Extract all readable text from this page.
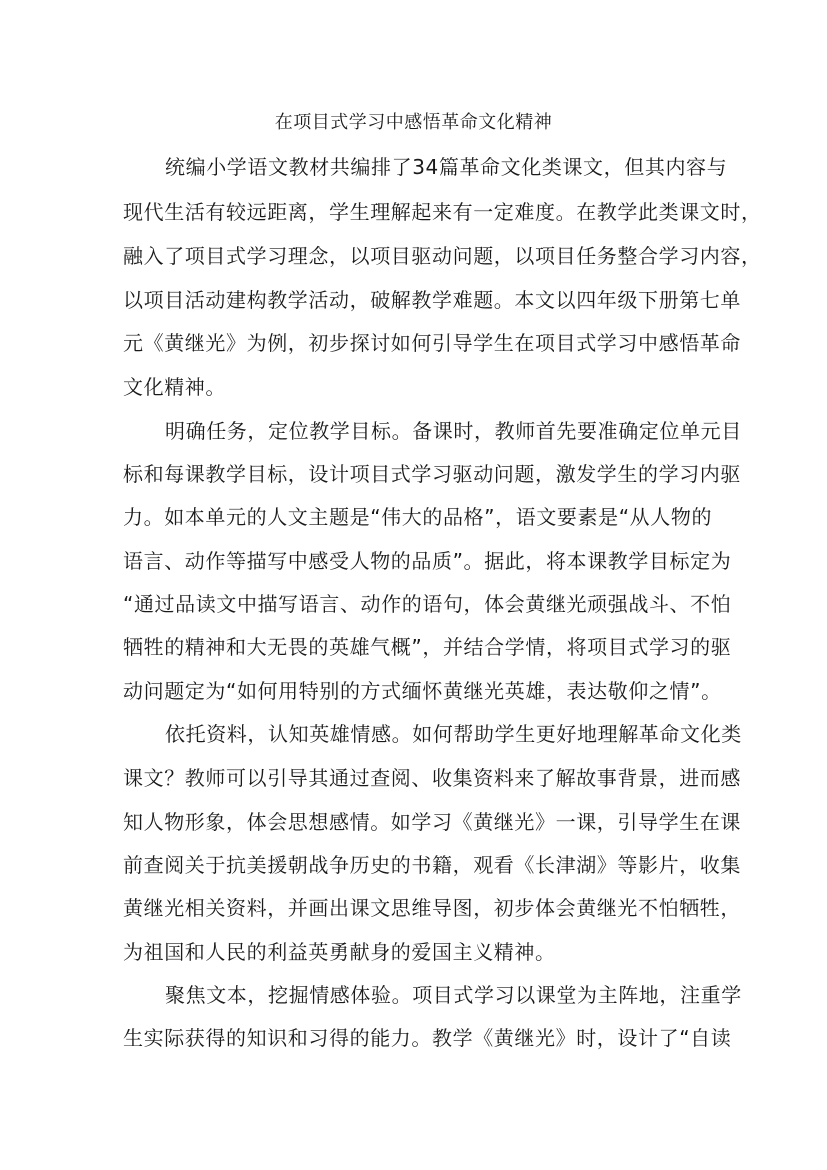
在项目式学习中感悟革命文化精神
统编小学语文教材共编排了34篇革命文化类课文，但其内容与
现代生活有较远距离，学生理解起来有一定难度。在教学此类课文时，
融入了项目式学习理念，以项目驱动问题，以项目任务整合学习内容，
以项目活动建构教学活动，破解教学难题。本文以四年级下册第七单
元《黄继光》为例，初步探讨如何引导学生在项目式学习中感悟革命
文化精神。
明确任务，定位教学目标。备课时，教师首先要准确定位单元目
标和每课教学目标，设计项目式学习驱动问题，激发学生的学习内驱
力。如本单元的人文主题是“伟大的品格”，语文要素是“从人物的
语言、动作等描写中感受人物的品质”。据此，将本课教学目标定为
“通过品读文中描写语言、动作的语句，体会黄继光顽强战斗、不怕
牺牲的精神和大无畏的英雄气概”，并结合学情，将项目式学习的驱
动问题定为“如何用特别的方式缅怀黄继光英雄，表达敬仰之情”。
依托资料，认知英雄情感。如何帮助学生更好地理解革命文化类
课文？教师可以引导其通过查阅、收集资料来了解故事背景，进而感
知人物形象，体会思想感情。如学习《黄继光》一课，引导学生在课
前查阅关于抗美援朝战争历史的书籍，观看《长津湖》等影片，收集
黄继光相关资料，并画出课文思维导图，初步体会黄继光不怕牺牲，
为祖国和人民的利益英勇献身的爱国主义精神。
聚焦文本，挖掘情感体验。项目式学习以课堂为主阵地，注重学
生实际获得的知识和习得的能力。教学《黄继光》时，设计了“自读
